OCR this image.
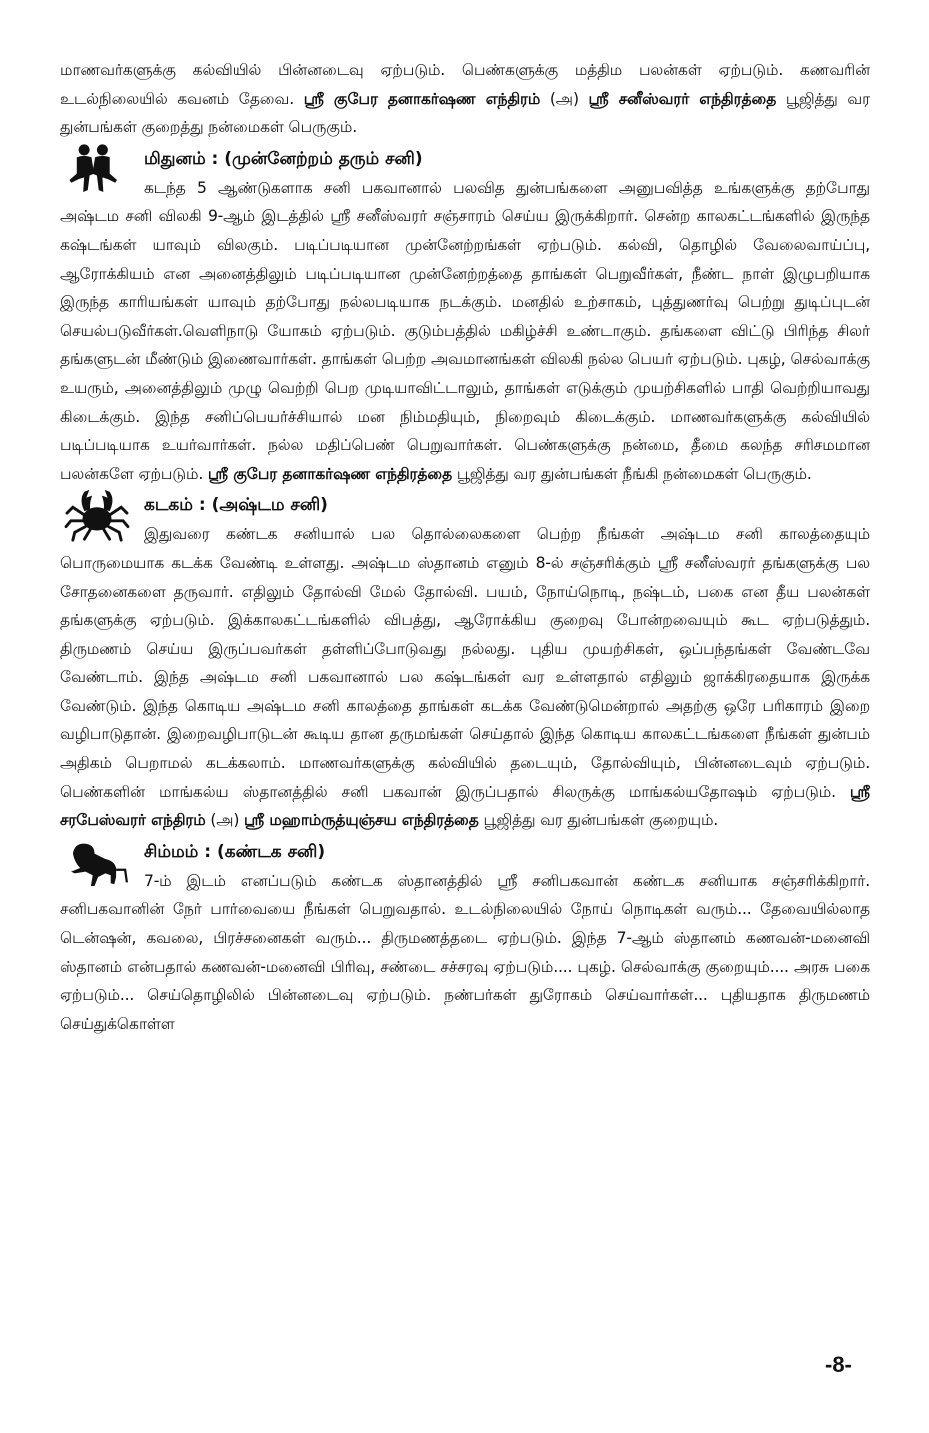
மாணவர்களுக்கு கல்வியில் பின்னடைவு ஏற்படும். பெண்களுக்கு மத்திம பலன்கள் ஏற்படும். கணவரின் உடல்நிலையில் கவனம் தேவை. ஸ்ரீ குபேர தனாகர்ஷண எந்திரம் (அ) ஸ்ரீ சனீஸ்வரர் எந்திரத்தை பூஜித்து வர துன்பங்கள் குறைத்து நன்மைகள் பெருகும்.

மிதுனம் : (முன்னேற்றம் தரும் சனி)

கடந்த 5 ஆண்டுகளாக சனி பகவானால் பலவித துன்பங்களை அனுபவித்த உங்களுக்கு தற்போது அஷ்டம சனி விலகி 9-ஆம் இடத்தில் ஸ்ரீ சனீஸ்வரர் சஞ்சாரம் செய்ய இருக்கிறார். சென்ற காலகட்டங்களில் இருந்த கஷ்டங்கள் யாவும் விலகும். படிப்படியான முன்னேற்றங்கள் ஏற்படும். கல்வி, தொழில் வேலைவாய்ப்பு, ஆரோக்கியம் என அனைத்திலும் படிப்படியான முன்னேற்றத்தை தாங்கள் பெறுவீர்கள், நீண்ட நாள் இழுபறியாக இருந்த காரியங்கள் யாவும் தற்போது நல்லபடியாக நடக்கும். மனதில் உற்சாகம், புத்துணர்வு பெற்று துடிப்புடன் செயல்படுவீர்கள்.வெளிநாடு யோகம் ஏற்படும். குடும்பத்தில் மகிழ்ச்சி உண்டாகும். தங்களை விட்டு பிரிந்த சிலர் தங்களுடன் மீண்டும் இணைவார்கள். தாங்கள் பெற்ற அவமானங்கள் விலகி நல்ல பெயர் ஏற்படும். புகழ், செல்வாக்கு உயரும், அனைத்திலும் முழு வெற்றி பெற முடியாவிட்டாலும், தாங்கள் எடுக்கும் முயற்சிகளில் பாதி வெற்றியாவது கிடைக்கும். இந்த சனிப்பெயர்ச்சியால் மன நிம்மதியும், நிறைவும் கிடைக்கும். மாணவர்களுக்கு கல்வியில் படிப்படியாக உயர்வார்கள். நல்ல மதிப்பெண் பெறுவார்கள். பெண்களுக்கு நன்மை, தீமை கலந்த சரிசமமான பலன்களே ஏற்படும். ஸ்ரீ குபேர தனாகர்ஷண எந்திரத்தை பூஜித்து வர துன்பங்கள் நீங்கி நன்மைகள் பெருகும்.

கடகம் : (அஷ்டம சனி)

இதுவரை கண்டக சனியால் பல தொல்லைகளை பெற்ற நீங்கள் அஷ்டம சனி காலத்தையும் பொருமையாக கடக்க வேண்டி உள்ளது. அஷ்டம ஸ்தானம் எனும் 8-ல் சஞ்சரிக்கும் ஸ்ரீ சனீஸ்வரர் தங்களுக்கு பல சோதனைகளை தருவார். எதிலும் தோல்வி மேல் தோல்வி. பயம், நோய்நொடி, நஷ்டம், பகை என தீய பலன்கள் தங்களுக்கு ஏற்படும். இக்காலகட்டங்களில் விபத்து, ஆரோக்கிய குறைவு போன்றவையும் கூட ஏற்படுத்தும். திருமணம் செய்ய இருப்பவர்கள் தள்ளிப்போடுவது நல்லது. புதிய முயற்சிகள், ஒப்பந்தங்கள் வேண்டவே வேண்டாம். இந்த அஷ்டம சனி பகவானால் பல கஷ்டங்கள் வர உள்ளதால் எதிலும் ஜாக்கிரதையாக இருக்க வேண்டும். இந்த கொடிய அஷ்டம சனி காலத்தை தாங்கள் கடக்க வேண்டுமென்றால் அதற்கு ஒரே பரிகாரம் இறை வழிபாடுதான். இறைவழிபாடுடன் கூடிய தான தருமங்கள் செய்தால் இந்த கொடிய காலகட்டங்களை நீங்கள் துன்பம் அதிகம் பெறாமல் கடக்கலாம். மாணவர்களுக்கு கல்வியில் தடையும், தோல்வியும், பின்னடைவும் ஏற்படும். பெண்களின் மாங்கல்ய ஸ்தானத்தில் சனி பகவான் இருப்பதால் சிலருக்கு மாங்கல்யதோஷம் ஏற்படும். ஸ்ரீ சரபேஸ்வரர் எந்திரம் (அ) ஸ்ரீ மஹாம்ருத்யுஞ்சய எந்திரத்தை பூஜித்து வர துன்பங்கள் குறையும்.

சிம்மம் : (கண்டக சனி)

7-ம் இடம் எனப்படும் கண்டக ஸ்தானத்தில் ஸ்ரீ சனிபகவான் கண்டக சனியாக சஞ்சரிக்கிறார். சனிபகவானின் நேர் பார்வையை நீங்கள் பெறுவதால். உடல்நிலையில் நோய் நொடிகள் வரும்... தேவையில்லாத டென்ஷன், கவலை, பிரச்சனைகள் வரும்... திருமணத்தடை ஏற்படும். இந்த 7-ஆம் ஸ்தானம் கணவன்-மனைவி ஸ்தானம் என்பதால் கணவன்-மனைவி பிரிவு, சண்டை சச்சரவு ஏற்படும்.... புகழ். செல்வாக்கு குறையும்.... அரசு பகை ஏற்படும்... செய்தொழிலில் பின்னடைவு ஏற்படும். நண்பர்கள் துரோகம் செய்வார்கள்... புதியதாக திருமணம் செய்துக்கொள்ள

-8-
